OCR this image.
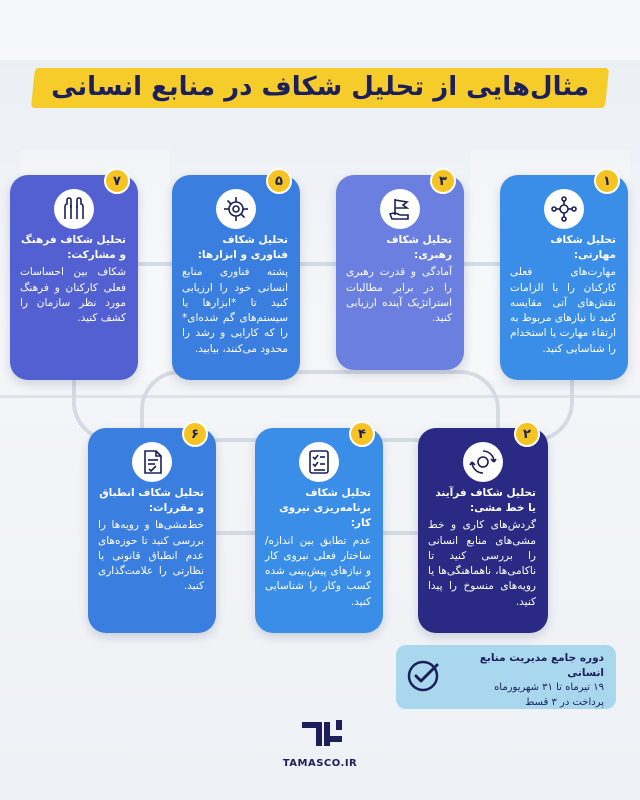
مثال‌هایی از تحلیل شکاف در منابع انسانی
۱
تحلیل شکاف مهارتی:
مهارت‌های فعلی کارکنان را با الزامات نقش‌های آتی مقایسه کنید تا نیازهای مربوط به ارتقاء مهارت یا استخدام را شناسایی کنید.
۳
تحلیل شکاف رهبری:
آمادگی و قدرت رهبری را در برابر مطالبات استراتژیک آینده ارزیابی کنید.
۵
تحلیل شکاف فناوری و ابزارها:
پشته فناوری منابع انسانی خود را ارزیابی کنید تا *ابزارها یا سیستم‌های گم شده‌ای* را که کارایی و رشد را محدود می‌کنند، بیابید.
۷
تحلیل شکاف فرهنگ و مشارکت:
شکاف بین احساسات فعلی کارکنان و فرهنگ مورد نظر سازمان را کشف کنید.
۲
تحلیل شکاف فرآیند یا خط مشی:
گردش‌های کاری و خط مشی‌های منابع انسانی را بررسی کنید تا ناکامی‌ها، ناهماهنگی‌ها یا رویه‌های منسوخ را پیدا کنید.
۴
تحلیل شکاف برنامه‌ریزی نیروی کار:
عدم تطابق بین اندازه/ساختار فعلی نیروی کار و نیازهای پیش‌بینی شده کسب وکار را شناسایی کنید.
۶
تحلیل شکاف انطباق و مقررات:
خط‌مشی‌ها و رویه‌ها را بررسی کنید تا حوزه‌های عدم انطباق قانونی یا نظارتی را علامت‌گذاری کنید.
دوره جامع مدیریت منابع انسانی
۱۹ تیرماه تا ۳۱ شهریورماه
پرداخت در ۳ قسط
TAMASCO.IR
